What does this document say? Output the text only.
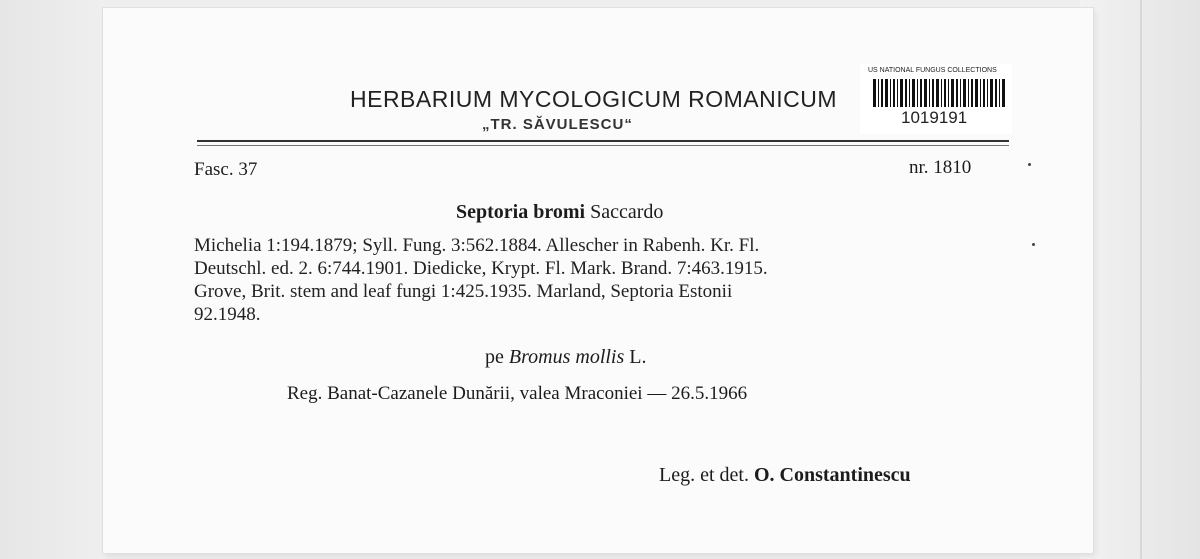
HERBARIUM MYCOLOGICUM ROMANICUM
„TR. SĂVULESCU“
US NATIONAL FUNGUS COLLECTIONS
1019191
Fasc. 37	nr. 1810
Septoria bromi Saccardo
Michelia 1:194.1879; Syll. Fung. 3:562.1884. Allescher in Rabenh. Kr. Fl.
Deutschl. ed. 2. 6:744.1901. Diedicke, Krypt. Fl. Mark. Brand. 7:463.1915.
Grove, Brit. stem and leaf fungi 1:425.1935. Marland, Septoria Estonii
92.1948.
pe Bromus mollis L.
Reg. Banat-Cazanele Dunării, valea Mraconiei — 26.5.1966
Leg. et det. O. Constantinescu
